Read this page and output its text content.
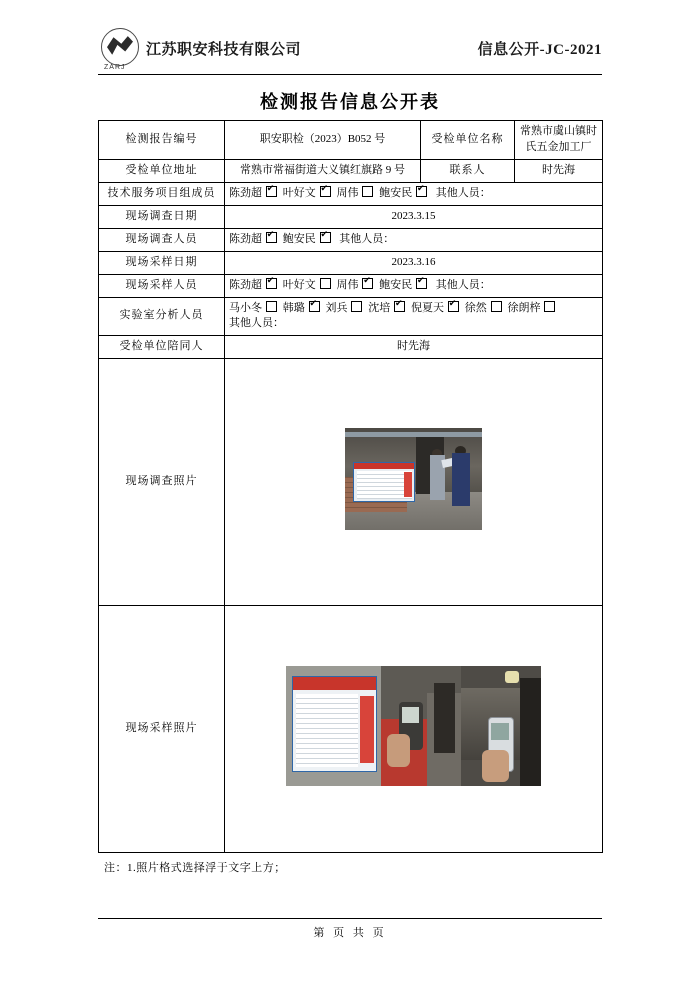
ZARJ
江苏职安科技有限公司	信息公开-JC-2021
检测报告信息公开表
检测报告编号	职安职检（2023）B052 号	受检单位名称	常熟市虞山镇时氏五金加工厂
受检单位地址	常熟市常福街道大义镇红旗路 9 号	联系人	时先海
技术服务项目组成员	陈劲超 ✔叶好文 ✔周伟 鲍安民 ✔ 其他人员：
现场调查日期	2023.3.15		
现场调查人员	陈劲超 ✔鲍安民 ✔ 其他人员：
现场采样日期	2023.3.16		
现场采样人员	陈劲超 ✔叶好文 周伟 ✔鲍安民 ✔ 其他人员：
实验室分析人员	马小冬 韩璐 ✔刘兵 沈培 ✔倪夏天 ✔徐然 徐朗梓
其他人员：

受检单位陪同人	时先海		
现场调查照片			

现场采样照片			
注：1.照片格式选择浮于文字上方；
第 页 共 页
